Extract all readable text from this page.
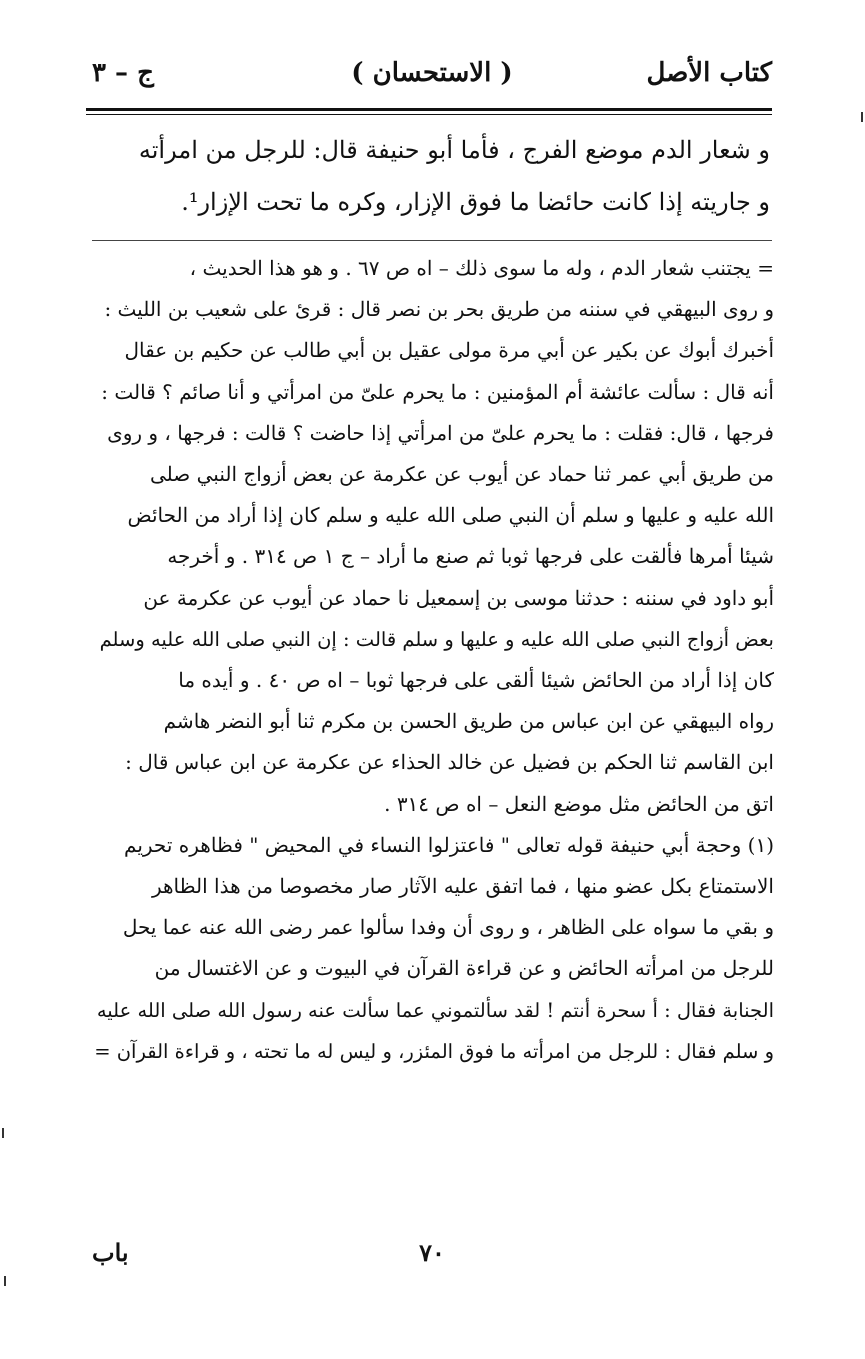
كتاب الأصل
( الاستحسان )
ج – ٣

و شعار الدم موضع الفرج ، فأما أبو حنيفة قال: للرجل من امرأته

و جاريته إذا كانت حائضا ما فوق الإزار، وكره ما تحت الإزار¹.

= يجتنب شعار الدم ، وله ما سوى ذلك – اه ص ٦٧ . و هو هذا الحديث ،

و روى البيهقي في سننه من طريق بحر بن نصر قال : قرئ على شعيب بن الليث :

أخبرك أبوك عن بكير عن أبي مرة مولى عقيل بن أبي طالب عن حكيم بن عقال

أنه قال : سألت عائشة أم المؤمنين : ما يحرم علىّ من امرأتي و أنا صائم ؟ قالت :

فرجها ، قال: فقلت : ما يحرم علىّ من امرأتي إذا حاضت ؟ قالت : فرجها ، و روى

من طريق أبي عمر ثنا حماد عن أيوب عن عكرمة عن بعض أزواج النبي صلى

الله عليه و عليها و سلم أن النبي صلى الله عليه و سلم كان إذا أراد من الحائض

شيئا أمرها فألقت على فرجها ثوبا ثم صنع ما أراد – ج ١ ص ٣١٤ . و أخرجه

أبو داود في سننه : حدثنا موسى بن إسمعيل نا حماد عن أيوب عن عكرمة عن

بعض أزواج النبي صلى الله عليه و عليها و سلم قالت : إن النبي صلى الله عليه وسلم

كان إذا أراد من الحائض شيئا ألقى على فرجها ثوبا – اه ص ٤٠ . و أيده ما

رواه البيهقي عن ابن عباس من طريق الحسن بن مكرم ثنا أبو النضر هاشم

ابن القاسم ثنا الحكم بن فضيل عن خالد الحذاء عن عكرمة عن ابن عباس قال :

اتق من الحائض مثل موضع النعل – اه ص ٣١٤ .

(١) وحجة أبي حنيفة قوله تعالى " فاعتزلوا النساء في المحيض " فظاهره تحريم

الاستمتاع بكل عضو منها ، فما اتفق عليه الآثار صار مخصوصا من هذا الظاهر

و بقي ما سواه على الظاهر ، و روى أن وفدا سألوا عمر رضى الله عنه عما يحل

للرجل من امرأته الحائض و عن قراءة القرآن في البيوت و عن الاغتسال من

الجنابة فقال : أ سحرة أنتم ! لقد سألتموني عما سألت عنه رسول الله صلى الله عليه

و سلم فقال : للرجل من امرأته ما فوق المئزر، و ليس له ما تحته ، و قراءة القرآن =

٧٠
باب
